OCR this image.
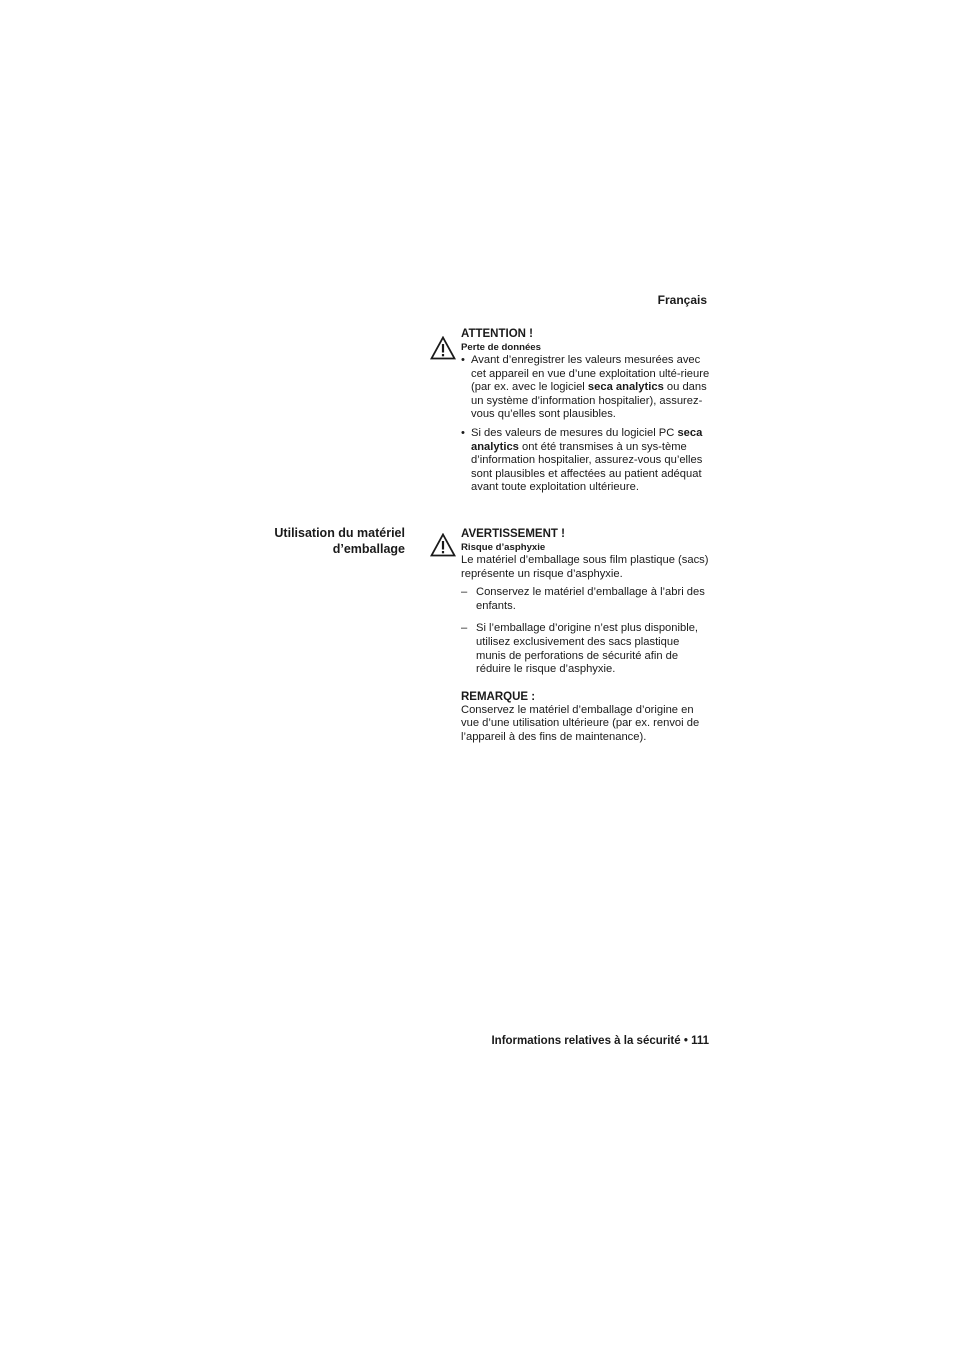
Français
ATTENTION !
Perte de données
• Avant d’enregistrer les valeurs mesurées avec cet appareil en vue d’une exploitation ulté-rieure (par ex. avec le logiciel seca analytics ou dans un système d’information hospitalier), assurez-vous qu’elles sont plausibles.
• Si des valeurs de mesures du logiciel PC seca analytics ont été transmises à un sys-tème d’information hospitalier, assurez-vous qu’elles sont plausibles et affectées au patient adéquat avant toute exploitation ultérieure.
Utilisation du matériel d’emballage
AVERTISSEMENT !
Risque d’asphyxie

Le matériel d’emballage sous film plastique (sacs) représente un risque d’asphyxie.

– Conservez le matériel d’emballage à l’abri des enfants.
– Si l’emballage d’origine n’est plus disponible, utilisez exclusivement des sacs plastique munis de perforations de sécurité afin de réduire le risque d’asphyxie.
REMARQUE :

Conservez le matériel d’emballage d’origine en vue d’une utilisation ultérieure (par ex. renvoi de l’appareil à des fins de maintenance).

Informations relatives à la sécurité • 111
